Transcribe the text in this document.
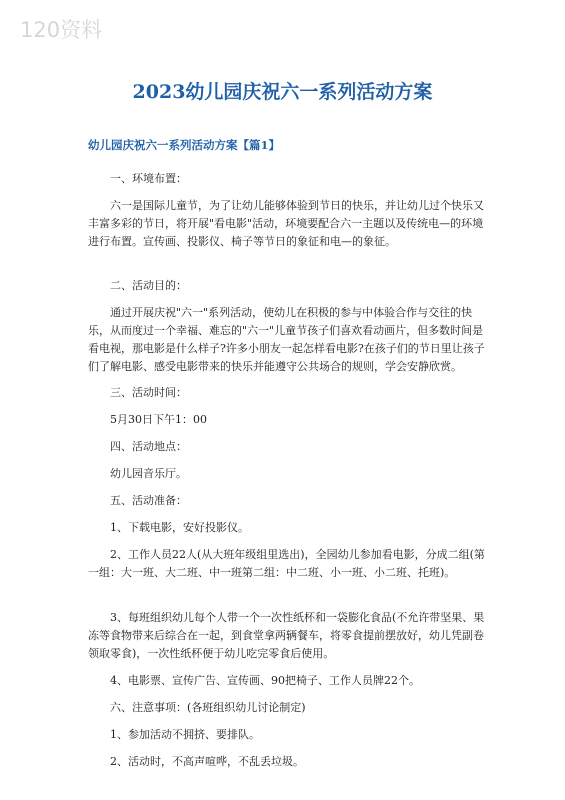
120资料
2023幼儿园庆祝六一系列活动方案
幼儿园庆祝六一系列活动方案【篇1】
一、环境布置：
六一是国际儿童节，为了让幼儿能够体验到节日的快乐，并让幼儿过个快乐又丰富多彩的节日，将开展"看电影"活动，环境要配合六一主题以及传统电—的环境进行布置。宣传画、投影仪、椅子等节日的象征和电—的象征。
二、活动目的：
通过开展庆祝"六一"系列活动，使幼儿在积极的参与中体验合作与交往的快乐，从而度过一个幸福、难忘的"六一"儿童节孩子们喜欢看动画片，但多数时间是看电视，那电影是什么样子?许多小朋友一起怎样看电影?在孩子们的节日里让孩子们了解电影、感受电影带来的快乐并能遵守公共场合的规则，学会安静欣赏。
三、活动时间：
5月30日下午1：00
四、活动地点：
幼儿园音乐厅。
五、活动准备：
1、下载电影，安好投影仪。
2、工作人员22人(从大班年级组里选出)，全园幼儿参加看电影，分成二组(第一组：大一班、大二班、中一班第二组：中二班、小一班、小二班、托班)。
3、每班组织幼儿每个人带一个一次性纸杯和一袋膨化食品(不允许带坚果、果冻等食物带来后综合在一起，到食堂拿两辆餐车，将零食提前摆放好，幼儿凭副卷领取零食)，一次性纸杯便于幼儿吃完零食后使用。
4、电影票、宣传广告、宣传画、90把椅子、工作人员牌22个。
六、注意事项：(各班组织幼儿讨论制定)
1、参加活动不拥挤、要排队。
2、活动时，不高声喧哗，不乱丢垃圾。
